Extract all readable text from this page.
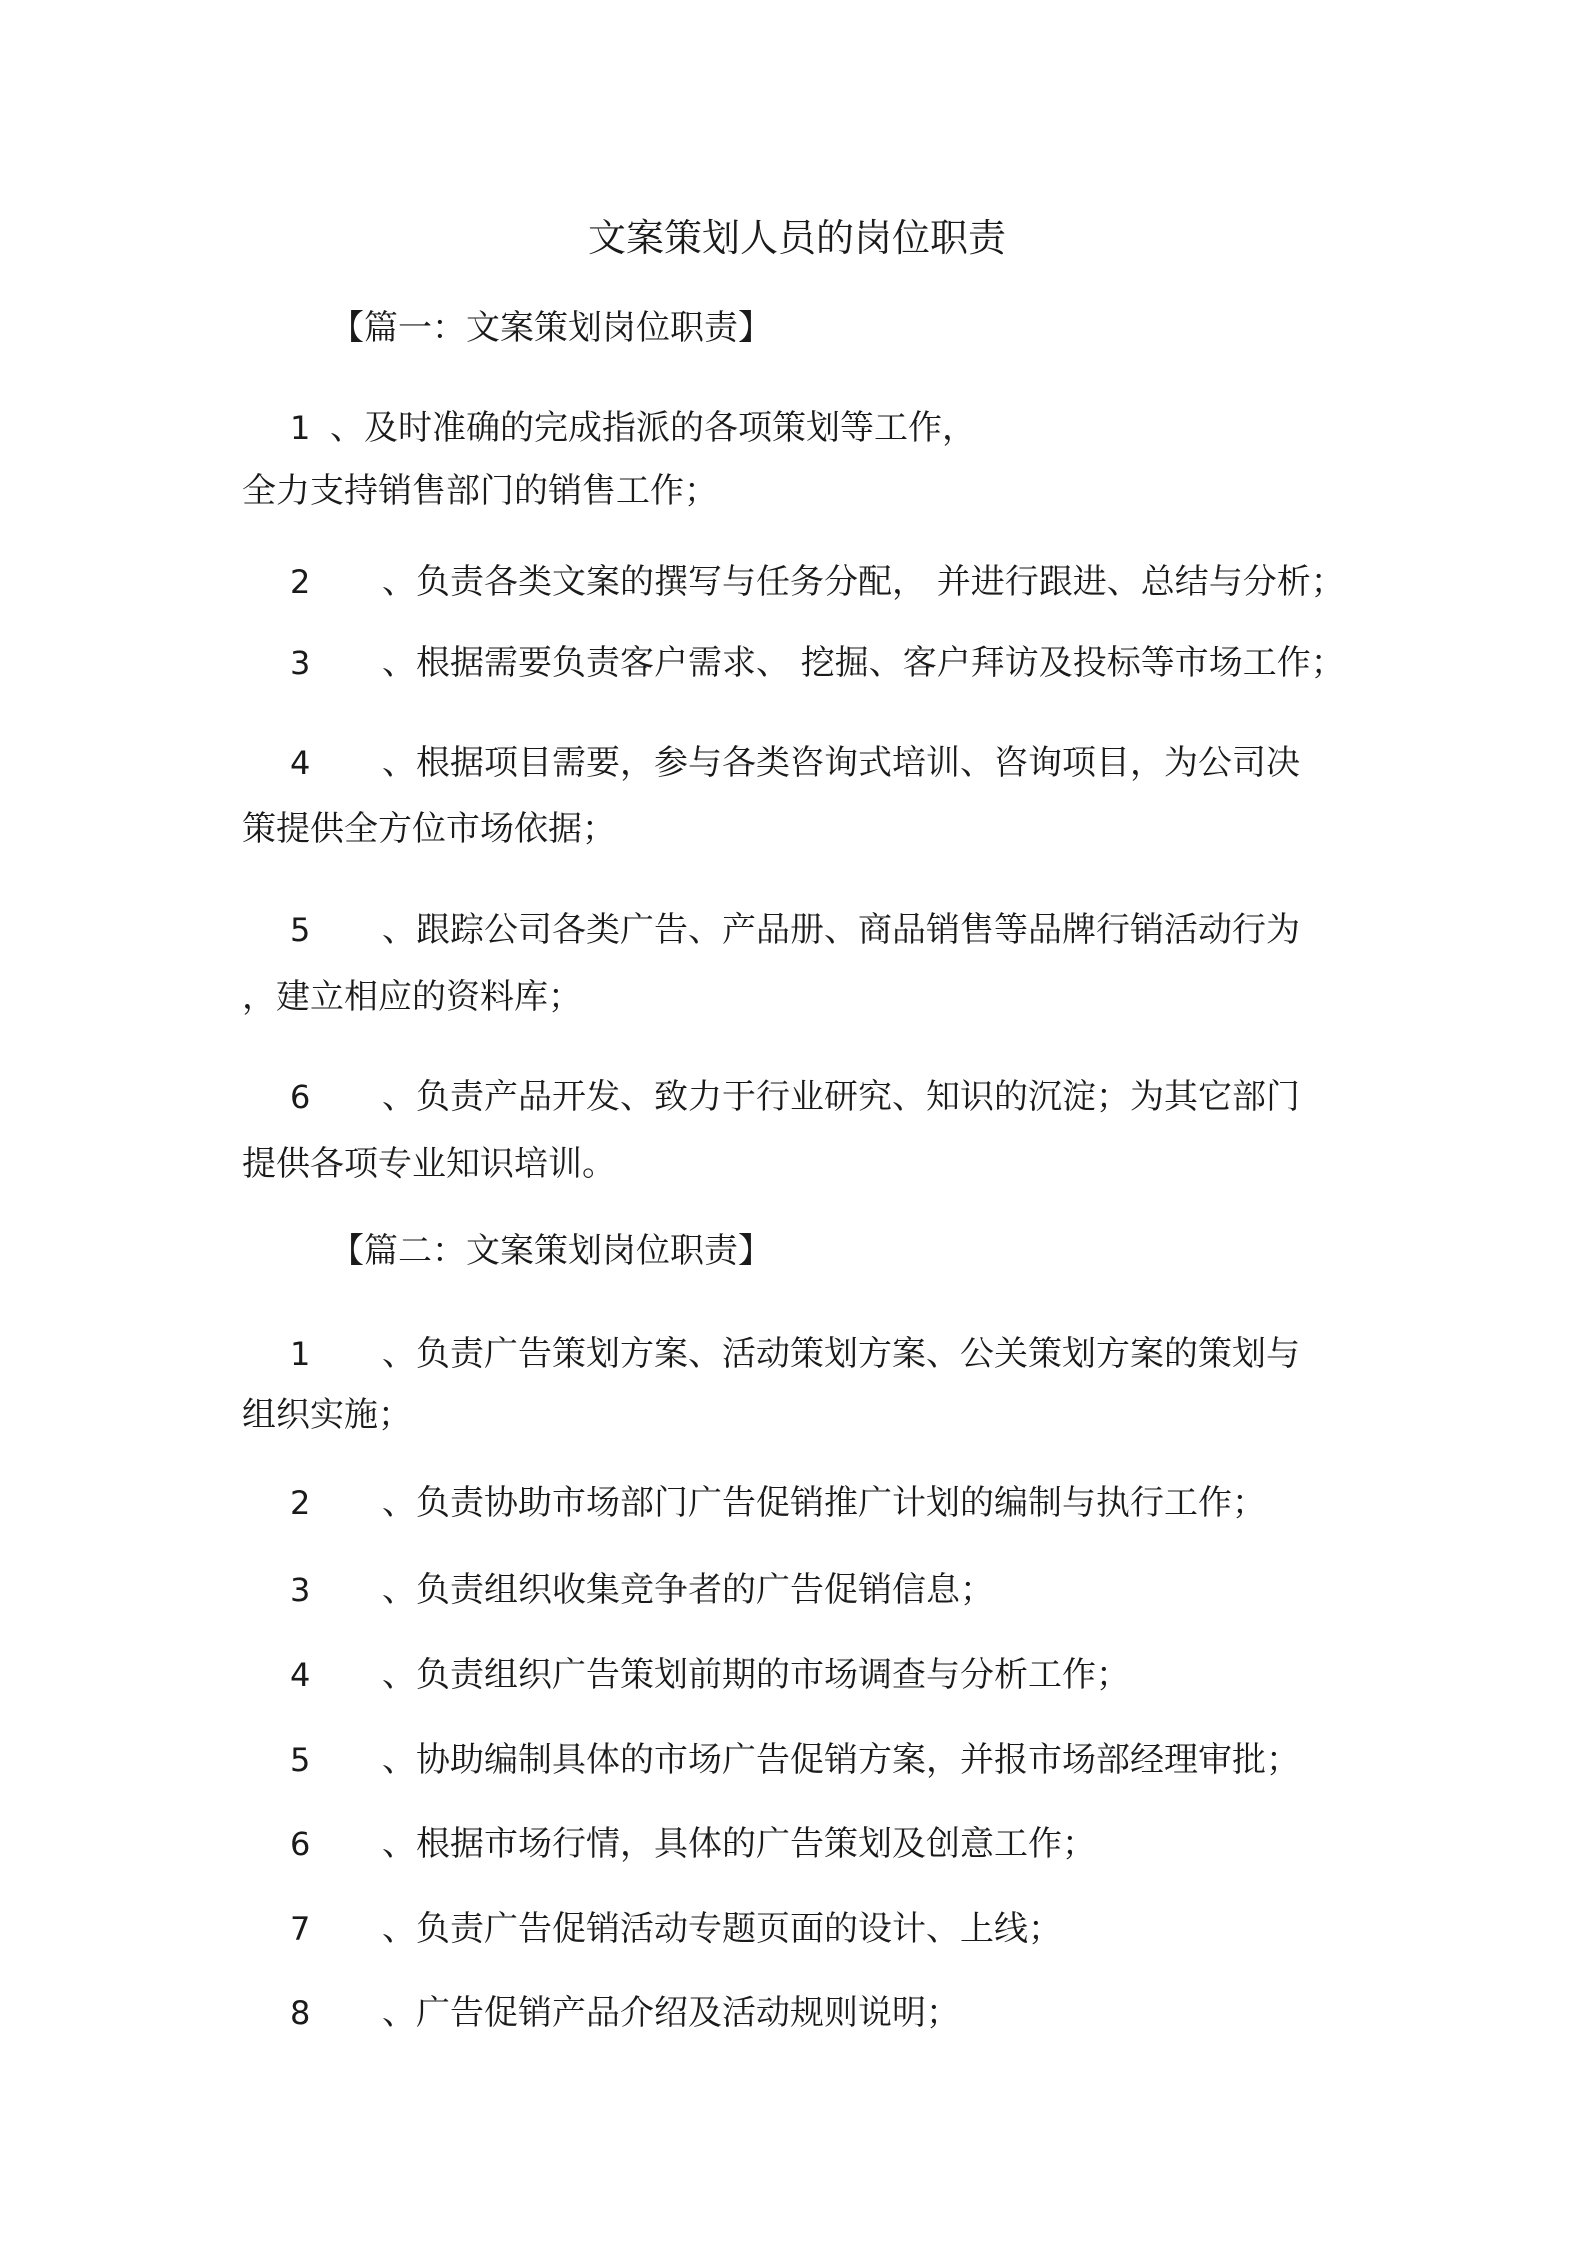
文案策划人员的岗位职责
【篇一：文案策划岗位职责】
1 、及时准确的完成指派的各项策划等工作，
全力支持销售部门的销售工作；
2 、负责各类文案的撰写与任务分配， 并进行跟进、总结与分析；
3 、根据需要负责客户需求、 挖掘、客户拜访及投标等市场工作；
4 、根据项目需要，参与各类咨询式培训、咨询项目，为公司决
策提供全方位市场依据；
5 、跟踪公司各类广告、产品册、商品销售等品牌行销活动行为
，建立相应的资料库；
6 、负责产品开发、致力于行业研究、知识的沉淀；为其它部门
提供各项专业知识培训。
【篇二：文案策划岗位职责】
1 、负责广告策划方案、活动策划方案、公关策划方案的策划与
组织实施；
2 、负责协助市场部门广告促销推广计划的编制与执行工作；
3 、负责组织收集竞争者的广告促销信息；
4 、负责组织广告策划前期的市场调查与分析工作；
5 、协助编制具体的市场广告促销方案，并报市场部经理审批；
6 、根据市场行情，具体的广告策划及创意工作；
7 、负责广告促销活动专题页面的设计、上线；
8 、广告促销产品介绍及活动规则说明；
